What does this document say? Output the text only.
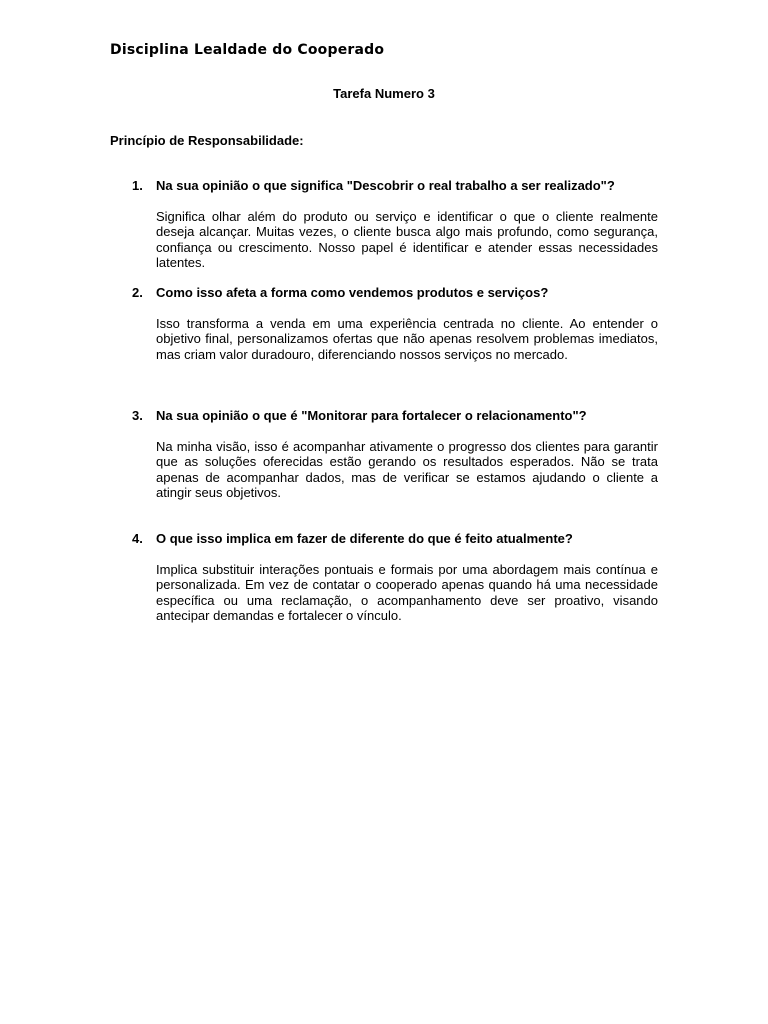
Disciplina Lealdade do Cooperado
Tarefa Numero 3
Princípio de Responsabilidade:
1. Na sua opinião o que significa "Descobrir o real trabalho a ser realizado"?

Significa olhar além do produto ou serviço e identificar o que o cliente realmente deseja alcançar. Muitas vezes, o cliente busca algo mais profundo, como segurança, confiança ou crescimento. Nosso papel é identificar e atender essas necessidades latentes.

2. Como isso afeta a forma como vendemos produtos e serviços?

Isso transforma a venda em uma experiência centrada no cliente. Ao entender o objetivo final, personalizamos ofertas que não apenas resolvem problemas imediatos, mas criam valor duradouro, diferenciando nossos serviços no mercado.

3. Na sua opinião o que é "Monitorar para fortalecer o relacionamento"?

Na minha visão, isso é acompanhar ativamente o progresso dos clientes para garantir que as soluções oferecidas estão gerando os resultados esperados. Não se trata apenas de acompanhar dados, mas de verificar se estamos ajudando o cliente a atingir seus objetivos.

4. O que isso implica em fazer de diferente do que é feito atualmente?

Implica substituir interações pontuais e formais por uma abordagem mais contínua e personalizada. Em vez de contatar o cooperado apenas quando há uma necessidade específica ou uma reclamação, o acompanhamento deve ser proativo, visando antecipar demandas e fortalecer o vínculo.
